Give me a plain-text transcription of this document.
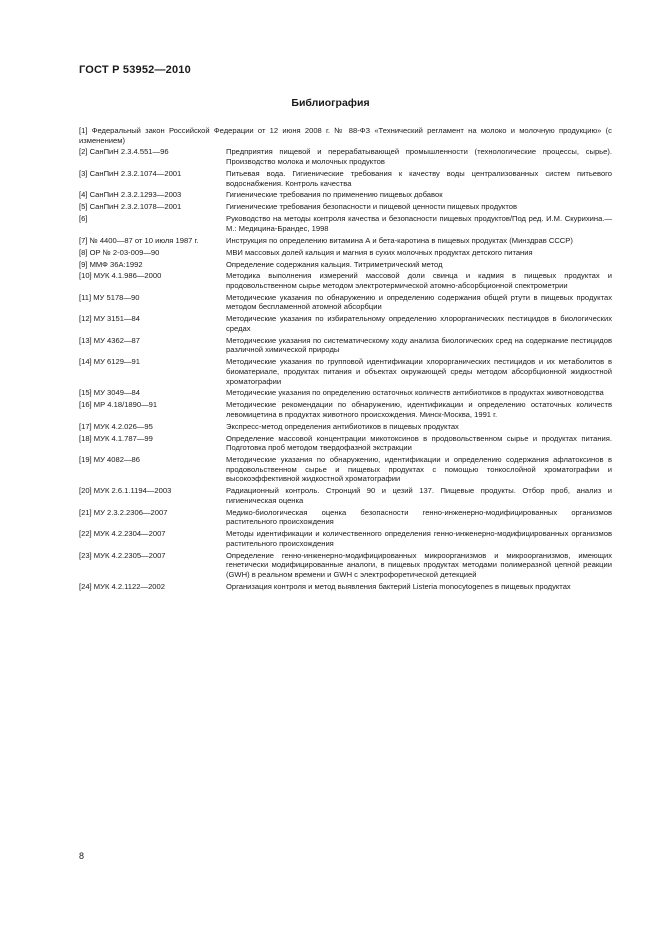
ГОСТ Р 53952—2010
Библиография
[1] Федеральный закон Российской Федерации от 12 июня 2008 г. № 88-ФЗ «Технический регламент на молоко и молочную продукцию» (с изменением)
[2] СанПиН 2.3.4.551—96	Предприятия пищевой и перерабатывающей промышленности (технологические процессы, сырье). Производство молока и молочных продуктов
[3] СанПиН 2.3.2.1074—2001	Питьевая вода. Гигиенические требования к качеству воды централизованных систем питьевого водоснабжения. Контроль качества
[4] СанПиН 2.3.2.1293—2003	Гигиенические требования по применению пищевых добавок
[5] СанПиН 2.3.2.1078—2001	Гигиенические требования безопасности и пищевой ценности пищевых продуктов
[6]	Руководство на методы контроля качества и безопасности пищевых продуктов/Под ред. И.М. Скурихина.— М.: Медицина-Брандес, 1998
[7] № 4400—87 от 10 июля 1987 г.	Инструкция по определению витамина А и бета-каротина в пищевых продуктах (Минздрав СССР)
[8] ОР № 2-03-009—90	МВИ массовых долей кальция и магния в сухих молочных продуктах детского питания
[9] ММФ 36А:1992	Определение содержания кальция. Титриметрический метод
[10] МУК 4.1.986—2000	Методика выполнения измерений массовой доли свинца и кадмия в пищевых продуктах и продовольственном сырье методом электротермической атомно-абсорбционной спектрометрии
[11] МУ 5178—90	Методические указания по обнаружению и определению содержания общей ртути в пищевых продуктах методом беспламенной атомной абсорбции
[12] МУ 3151—84	Методические указания по избирательному определению хлорорганических пестицидов в биологических средах
[13] МУ 4362—87	Методические указания по систематическому ходу анализа биологических сред на содержание пестицидов различной химической природы
[14] МУ 6129—91	Методические указания по групповой идентификации хлорорганических пестицидов и их метаболитов в биоматериале, продуктах питания и объектах окружающей среды методом абсорбционной жидкостной хроматографии
[15] МУ 3049—84	Методические указания по определению остаточных количеств антибиотиков в продуктах животноводства
[16] МР 4.18/1890—91	Методические рекомендации по обнаружению, идентификации и определению остаточных количеств левомицетина в продуктах животного происхождения. Минск-Москва, 1991 г.
[17] МУК 4.2.026—95	Экспресс-метод определения антибиотиков в пищевых продуктах
[18] МУК 4.1.787—99	Определение массовой концентрации микотоксинов в продовольственном сырье и продуктах питания. Подготовка проб методом твердофазной экстракции
[19] МУ 4082—86	Методические указания по обнаружению, идентификации и определению содержания афлатоксинов в продовольственном сырье и пищевых продуктах с помощью тонкослойной хроматографии и высокоэффективной жидкостной хроматографии
[20] МУК 2.6.1.1194—2003	Радиационный контроль. Стронций 90 и цезий 137. Пищевые продукты. Отбор проб, анализ и гигиеническая оценка
[21] МУ 2.3.2.2306—2007	Медико-биологическая оценка безопасности генно-инженерно-модифицированных организмов растительного происхождения
[22] МУК 4.2.2304—2007	Методы идентификации и количественного определения генно-инженерно-модифицированных организмов растительного происхождения
[23] МУК 4.2.2305—2007	Определение генно-инженерно-модифицированных микроорганизмов и микроорганизмов, имеющих генетически модифицированные аналоги, в пищевых продуктах методами полимеразной цепной реакции (GWH) в реальном времени и GWH с электрофоретической детекцией
[24] МУК 4.2.1122—2002	Организация контроля и метод выявления бактерий Listeria monocytogenes в пищевых продуктах
8
